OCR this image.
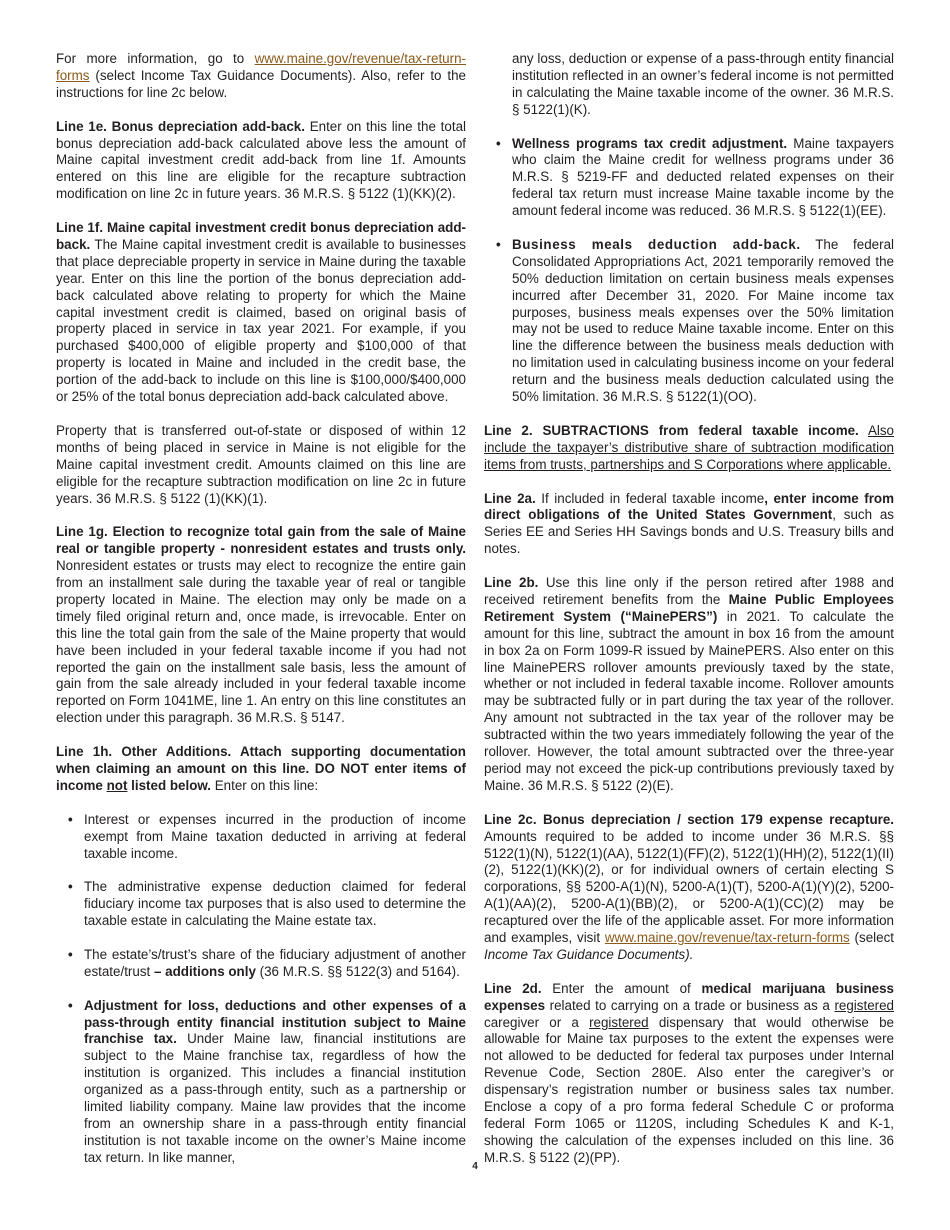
For more information, go to www.maine.gov/revenue/tax-return-forms (select Income Tax Guidance Documents). Also, refer to the instructions for line 2c below.

Line 1e. Bonus depreciation add-back. Enter on this line the total bonus depreciation add-back calculated above less the amount of Maine capital investment credit add-back from line 1f. Amounts entered on this line are eligible for the recapture subtraction modification on line 2c in future years. 36 M.R.S. § 5122 (1)(KK)(2).

Line 1f. Maine capital investment credit bonus depreciation add-back. The Maine capital investment credit is available to businesses that place depreciable property in service in Maine during the taxable year. Enter on this line the portion of the bonus depreciation add-back calculated above relating to property for which the Maine capital investment credit is claimed, based on original basis of property placed in service in tax year 2021. For example, if you purchased $400,000 of eligible property and $100,000 of that property is located in Maine and included in the credit base, the portion of the add-back to include on this line is $100,000/$400,000 or 25% of the total bonus depreciation add-back calculated above.

Property that is transferred out-of-state or disposed of within 12 months of being placed in service in Maine is not eligible for the Maine capital investment credit. Amounts claimed on this line are eligible for the recapture subtraction modification on line 2c in future years. 36 M.R.S. § 5122 (1)(KK)(1).

Line 1g. Election to recognize total gain from the sale of Maine real or tangible property - nonresident estates and trusts only. Nonresident estates or trusts may elect to recognize the entire gain from an installment sale during the taxable year of real or tangible property located in Maine. The election may only be made on a timely filed original return and, once made, is irrevocable. Enter on this line the total gain from the sale of the Maine property that would have been included in your federal taxable income if you had not reported the gain on the installment sale basis, less the amount of gain from the sale already included in your federal taxable income reported on Form 1041ME, line 1. An entry on this line constitutes an election under this paragraph. 36 M.R.S. § 5147.

Line 1h. Other Additions. Attach supporting documentation when claiming an amount on this line. DO NOT enter items of income not listed below. Enter on this line:

• Interest or expenses incurred in the production of income exempt from Maine taxation deducted in arriving at federal taxable income.
• The administrative expense deduction claimed for federal fiduciary income tax purposes that is also used to determine the taxable estate in calculating the Maine estate tax.
• The estate’s/trust’s share of the fiduciary adjustment of another estate/trust – additions only (36 M.R.S. §§ 5122(3) and 5164).
• Adjustment for loss, deductions and other expenses of a pass-through entity financial institution subject to Maine franchise tax. Under Maine law, financial institutions are subject to the Maine franchise tax, regardless of how the institution is organized. This includes a financial institution organized as a pass-through entity, such as a partnership or limited liability company. Maine law provides that the income from an ownership share in a pass-through entity financial institution is not taxable income on the owner’s Maine income tax return. In like manner,

any loss, deduction or expense of a pass-through entity financial institution reflected in an owner’s federal income is not permitted in calculating the Maine taxable income of the owner. 36 M.R.S. § 5122(1)(K).

• Wellness programs tax credit adjustment. Maine taxpayers who claim the Maine credit for wellness programs under 36 M.R.S. § 5219-FF and deducted related expenses on their federal tax return must increase Maine taxable income by the amount federal income was reduced. 36 M.R.S. § 5122(1)(EE).
• Business meals deduction add-back. The federal Consolidated Appropriations Act, 2021 temporarily removed the 50% deduction limitation on certain business meals expenses incurred after December 31, 2020. For Maine income tax purposes, business meals expenses over the 50% limitation may not be used to reduce Maine taxable income. Enter on this line the difference between the business meals deduction with no limitation used in calculating business income on your federal return and the business meals deduction calculated using the 50% limitation. 36 M.R.S. § 5122(1)(OO).

Line 2. SUBTRACTIONS from federal taxable income. Also include the taxpayer’s distributive share of subtraction modification items from trusts, partnerships and S Corporations where applicable.

Line 2a. If included in federal taxable income, enter income from direct obligations of the United States Government, such as Series EE and Series HH Savings bonds and U.S. Treasury bills and notes.

Line 2b. Use this line only if the person retired after 1988 and received retirement benefits from the Maine Public Employees Retirement System (“MainePERS”) in 2021. To calculate the amount for this line, subtract the amount in box 16 from the amount in box 2a on Form 1099-R issued by MainePERS. Also enter on this line MainePERS rollover amounts previously taxed by the state, whether or not included in federal taxable income. Rollover amounts may be subtracted fully or in part during the tax year of the rollover. Any amount not subtracted in the tax year of the rollover may be subtracted within the two years immediately following the year of the rollover. However, the total amount subtracted over the three-year period may not exceed the pick-up contributions previously taxed by Maine. 36 M.R.S. § 5122 (2)(E).

Line 2c. Bonus depreciation / section 179 expense recapture. Amounts required to be added to income under 36 M.R.S. §§ 5122(1)(N), 5122(1)(AA), 5122(1)(FF)(2), 5122(1)(HH)(2), 5122(1)(II)(2), 5122(1)(KK)(2), or for individual owners of certain electing S corporations, §§ 5200-A(1)(N), 5200-A(1)(T), 5200-A(1)(Y)(2), 5200-A(1)(AA)(2), 5200-A(1)(BB)(2), or 5200-A(1)(CC)(2) may be recaptured over the life of the applicable asset. For more information and examples, visit www.maine.gov/revenue/tax-return-forms (select Income Tax Guidance Documents).

Line 2d. Enter the amount of medical marijuana business expenses related to carrying on a trade or business as a registered caregiver or a registered dispensary that would otherwise be allowable for Maine tax purposes to the extent the expenses were not allowed to be deducted for federal tax purposes under Internal Revenue Code, Section 280E. Also enter the caregiver’s or dispensary’s registration number or business sales tax number. Enclose a copy of a pro forma federal Schedule C or proforma federal Form 1065 or 1120S, including Schedules K and K-1, showing the calculation of the expenses included on this line. 36 M.R.S. § 5122 (2)(PP).

4
